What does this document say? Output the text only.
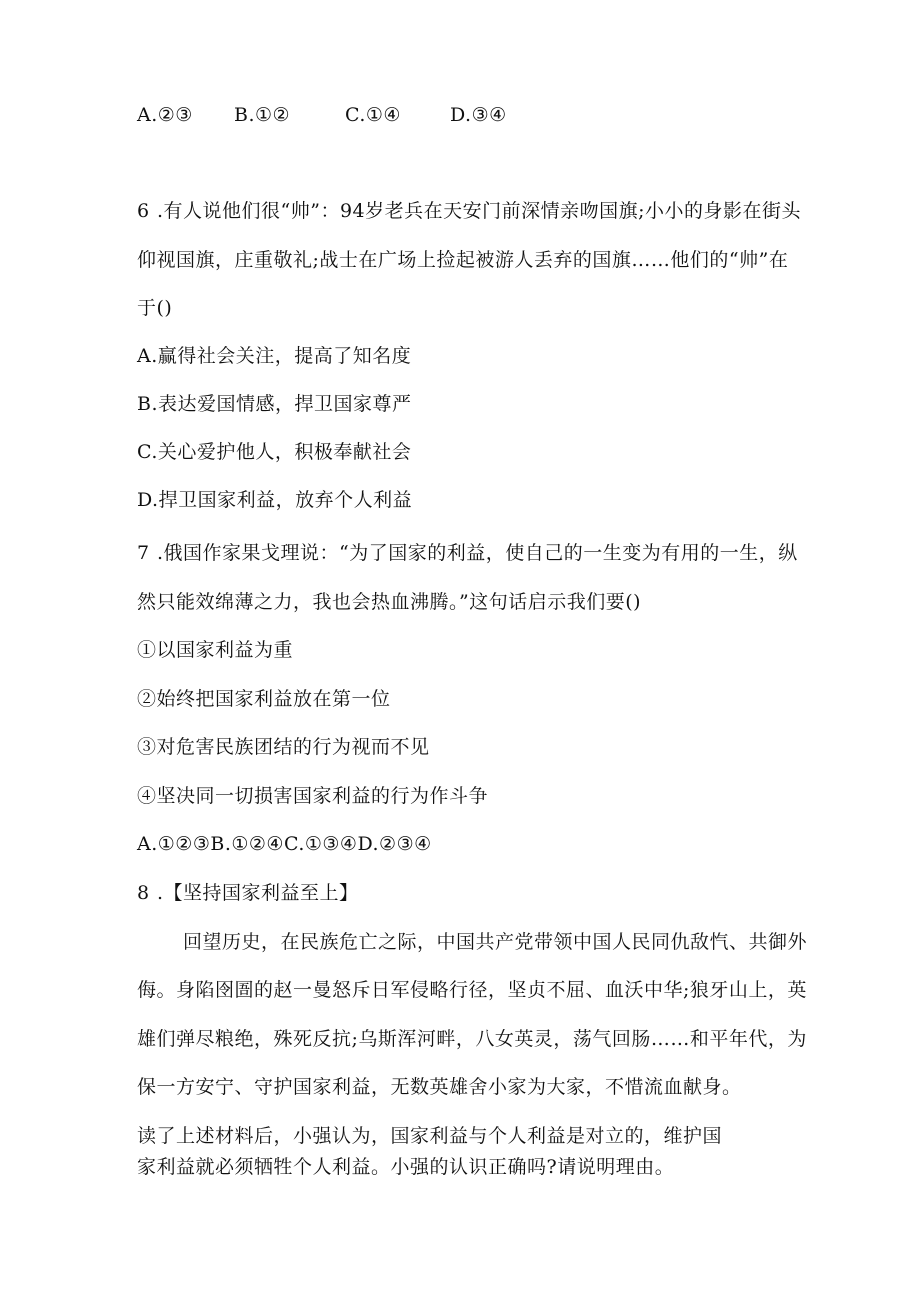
A.②③ B.①②	C.①④	D.③④
6 .有人说他们很“帅”：94岁老兵在天安门前深情亲吻国旗;小小的身影在街头
仰视国旗，庄重敬礼;战士在广场上捡起被游人丢弃的国旗……他们的“帅”在
于()
A.赢得社会关注，提高了知名度
B.表达爱国情感，捍卫国家尊严
C.关心爱护他人，积极奉献社会
D.捍卫国家利益，放弃个人利益
7 .俄国作家果戈理说：“为了国家的利益，使自己的一生变为有用的一生，纵
然只能效绵薄之力，我也会热血沸腾。”这句话启示我们要()
①以国家利益为重
②始终把国家利益放在第一位
③对危害民族团结的行为视而不见
④坚决同一切损害国家利益的行为作斗争
A.①②③B.①②④C.①③④D.②③④
8 .【坚持国家利益至上】
回望历史，在民族危亡之际，中国共产党带领中国人民同仇敌忾、共御外
侮。身陷囹圄的赵一曼怒斥日军侵略行径，坚贞不屈、血沃中华;狼牙山上，英
雄们弹尽粮绝，殊死反抗;乌斯浑河畔，八女英灵，荡气回肠……和平年代，为
保一方安宁、守护国家利益，无数英雄舍小家为大家，不惜流血献身。
读了上述材料后，小强认为，国家利益与个人利益是对立的，维护国
家利益就必须牺牲个人利益。小强的认识正确吗?请说明理由。
